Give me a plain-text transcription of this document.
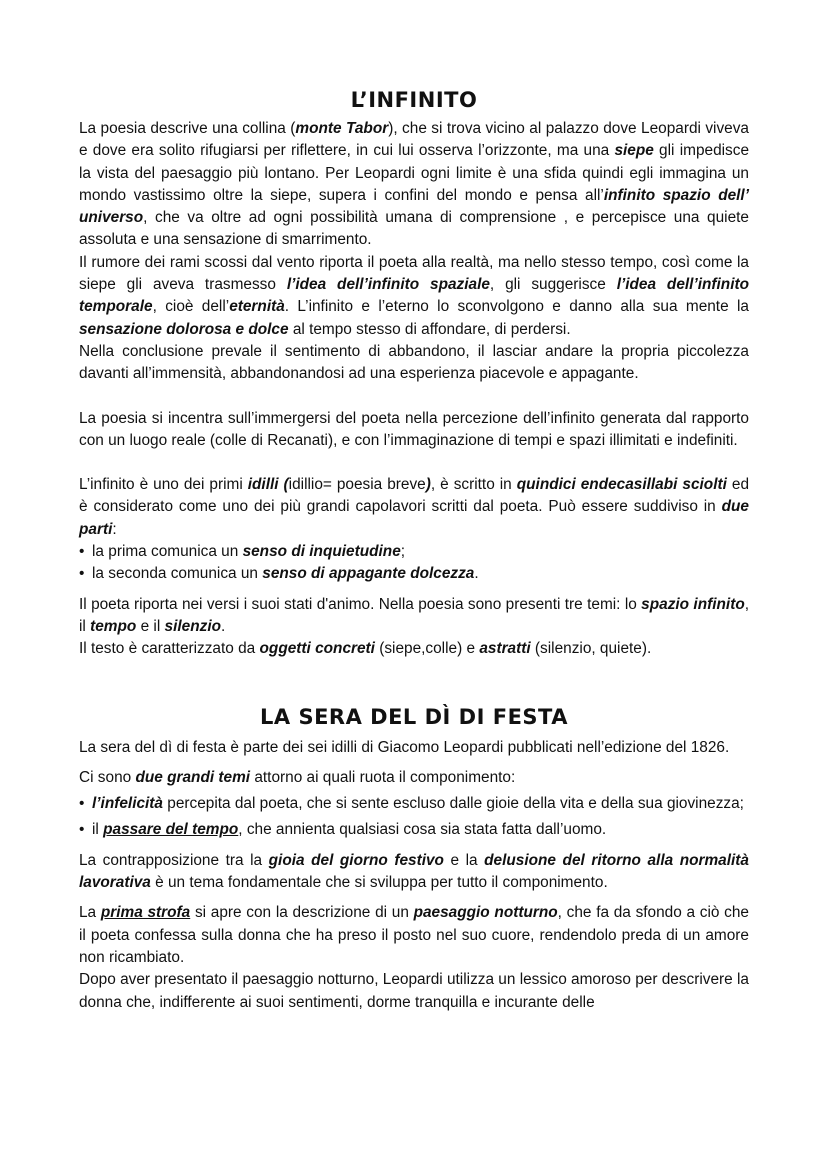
L’INFINITO

La poesia descrive una collina (monte Tabor), che si trova vicino al palazzo dove Leopardi viveva e dove era solito rifugiarsi per riflettere, in cui lui osserva l’orizzonte, ma una siepe gli impedisce la vista del paesaggio più lontano. Per Leopardi ogni limite è una sfida quindi egli immagina un mondo vastissimo oltre la siepe, supera i confini del mondo e pensa all’infinito spazio dell’ universo, che va oltre ad ogni possibilità umana di comprensione , e percepisce una quiete assoluta e una sensazione di smarrimento.

Il rumore dei rami scossi dal vento riporta il poeta alla realtà, ma nello stesso tempo, così come la siepe gli aveva trasmesso l’idea dell’infinito spaziale, gli suggerisce l’idea dell’infinito temporale, cioè dell’eternità. L’infinito e l’eterno lo sconvolgono e danno alla sua mente la sensazione dolorosa e dolce al tempo stesso di affondare, di perdersi.

Nella conclusione prevale il sentimento di abbandono, il lasciar andare la propria piccolezza davanti all’immensità, abbandonandosi ad una esperienza piacevole e appagante.

La poesia si incentra sull’immergersi del poeta nella percezione dell’infinito generata dal rapporto con un luogo reale (colle di Recanati), e con l’immaginazione di tempi e spazi illimitati e indefiniti.

L’infinito è uno dei primi idilli (idillio= poesia breve), è scritto in quindici endecasillabi sciolti ed è considerato come uno dei più grandi capolavori scritti dal poeta. Può essere suddiviso in due parti:

• la prima comunica un senso di inquietudine;
• la seconda comunica un senso di appagante dolcezza.

Il poeta riporta nei versi i suoi stati d'animo. Nella poesia sono presenti tre temi: lo spazio infinito, il tempo e il silenzio.

Il testo è caratterizzato da oggetti concreti (siepe,colle) e astratti (silenzio, quiete).

LA SERA DEL DÌ DI FESTA

La sera del dì di festa è parte dei sei idilli di Giacomo Leopardi pubblicati nell’edizione del 1826.

Ci sono due grandi temi attorno ai quali ruota il componimento:

• l’infelicità percepita dal poeta, che si sente escluso dalle gioie della vita e della sua giovinezza;
• il passare del tempo, che annienta qualsiasi cosa sia stata fatta dall’uomo.

La contrapposizione tra la gioia del giorno festivo e la delusione del ritorno alla normalità lavorativa è un tema fondamentale che si sviluppa per tutto il componimento.

La prima strofa si apre con la descrizione di un paesaggio notturno, che fa da sfondo a ciò che il poeta confessa sulla donna che ha preso il posto nel suo cuore, rendendolo preda di un amore non ricambiato.

Dopo aver presentato il paesaggio notturno, Leopardi utilizza un lessico amoroso per descrivere la donna che, indifferente ai suoi sentimenti, dorme tranquilla e incurante delle
